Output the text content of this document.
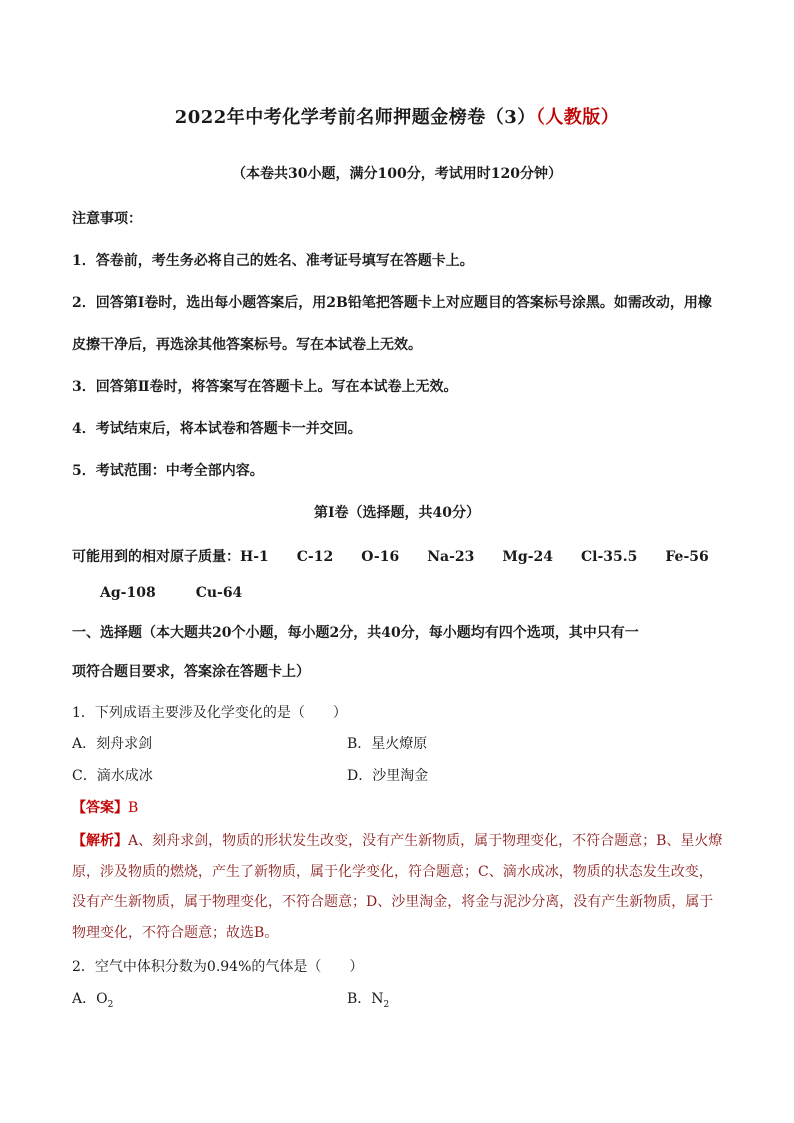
2022年中考化学考前名师押题金榜卷（3）（人教版）
（本卷共30小题，满分100分，考试用时120分钟）
注意事项：
1．答卷前，考生务必将自己的姓名、准考证号填写在答题卡上。
2．回答第Ⅰ卷时，选出每小题答案后，用2B铅笔把答题卡上对应题目的答案标号涂黑。如需改动，用橡
皮擦干净后，再选涂其他答案标号。写在本试卷上无效。
3．回答第Ⅱ卷时，将答案写在答题卡上。写在本试卷上无效。
4．考试结束后，将本试卷和答题卡一并交回。
5．考试范围：中考全部内容。
第Ⅰ卷（选择题，共40分）
可能用到的相对原子质量：H-1 C-12 O-16 Na-23 Mg-24 Cl-35.5 Fe-56
Ag-108	Cu-64
一、选择题（本大题共20个小题，每小题2分，共40分，每小题均有四个选项，其中只有一
项符合题目要求，答案涂在答题卡上）
1．下列成语主要涉及化学变化的是（　　）
A．刻舟求剑	B．星火燎原
C．滴水成冰	D．沙里淘金
【答案】B
【解析】A、刻舟求剑，物质的形状发生改变，没有产生新物质，属于物理变化，不符合题意；B、星火燎原，涉及物质的燃烧，产生了新物质，属于化学变化，符合题意；C、滴水成冰，物质的状态发生改变，没有产生新物质，属于物理变化，不符合题意；D、沙里淘金，将金与泥沙分离，没有产生新物质，属于物理变化，不符合题意；故选B。
2．空气中体积分数为0.94%的气体是（　　）
A．$O_2$	B．$N_2$
